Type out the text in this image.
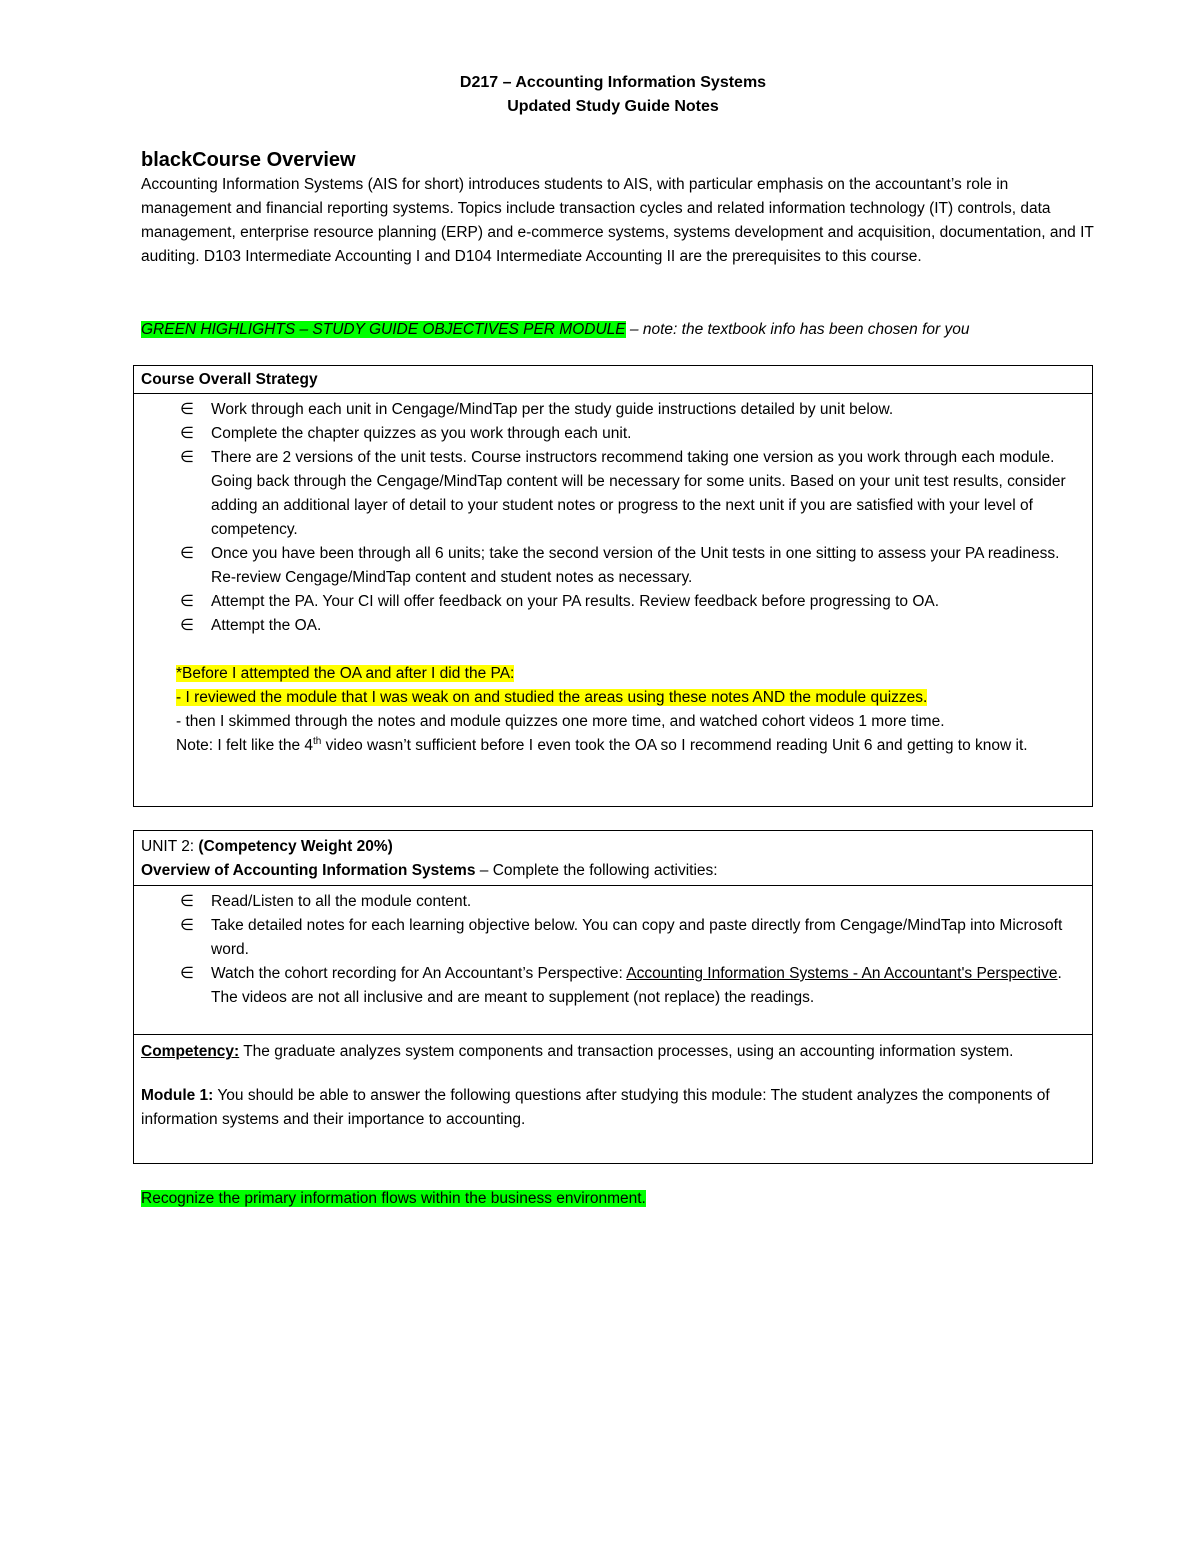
D217 – Accounting Information Systems
Updated Study Guide Notes
blackCourse Overview

Accounting Information Systems (AIS for short) introduces students to AIS, with particular emphasis on the accountant’s role in management and financial reporting systems. Topics include transaction cycles and related information technology (IT) controls, data management, enterprise resource planning (ERP) and e-commerce systems, systems development and acquisition, documentation, and IT auditing. D103 Intermediate Accounting I and D104 Intermediate Accounting II are the prerequisites to this course.

GREEN HIGHLIGHTS – STUDY GUIDE OBJECTIVES PER MODULE – note: the textbook info has been chosen for you
Course Overall Strategy
∈ Work through each unit in Cengage/MindTap per the study guide instructions detailed by unit below.
∈ Complete the chapter quizzes as you work through each unit.
∈ There are 2 versions of the unit tests. Course instructors recommend taking one version as you work through each module. Going back through the Cengage/MindTap content will be necessary for some units. Based on your unit test results, consider adding an additional layer of detail to your student notes or progress to the next unit if you are satisfied with your level of competency.
∈ Once you have been through all 6 units; take the second version of the Unit tests in one sitting to assess your PA readiness. Re-review Cengage/MindTap content and student notes as necessary.
∈ Attempt the PA. Your CI will offer feedback on your PA results. Review feedback before progressing to OA.
∈ Attempt the OA.
*Before I attempted the OA and after I did the PA:
- I reviewed the module that I was weak on and studied the areas using these notes AND the module quizzes.
- then I skimmed through the notes and module quizzes one more time, and watched cohort videos 1 more time.
Note: I felt like the 4th video wasn’t sufficient before I even took the OA so I recommend reading Unit 6 and getting to know it.
UNIT 2: (Competency Weight 20%)
Overview of Accounting Information Systems – Complete the following activities:
∈ Read/Listen to all the module content.
∈ Take detailed notes for each learning objective below. You can copy and paste directly from Cengage/MindTap into Microsoft word.
∈ Watch the cohort recording for An Accountant’s Perspective: Accounting Information Systems - An Accountant's Perspective. The videos are not all inclusive and are meant to supplement (not replace) the readings.

Competency: The graduate analyzes system components and transaction processes, using an accounting information system.

Module 1: You should be able to answer the following questions after studying this module: The student analyzes the components of information systems and their importance to accounting.

Recognize the primary information flows within the business environment.
